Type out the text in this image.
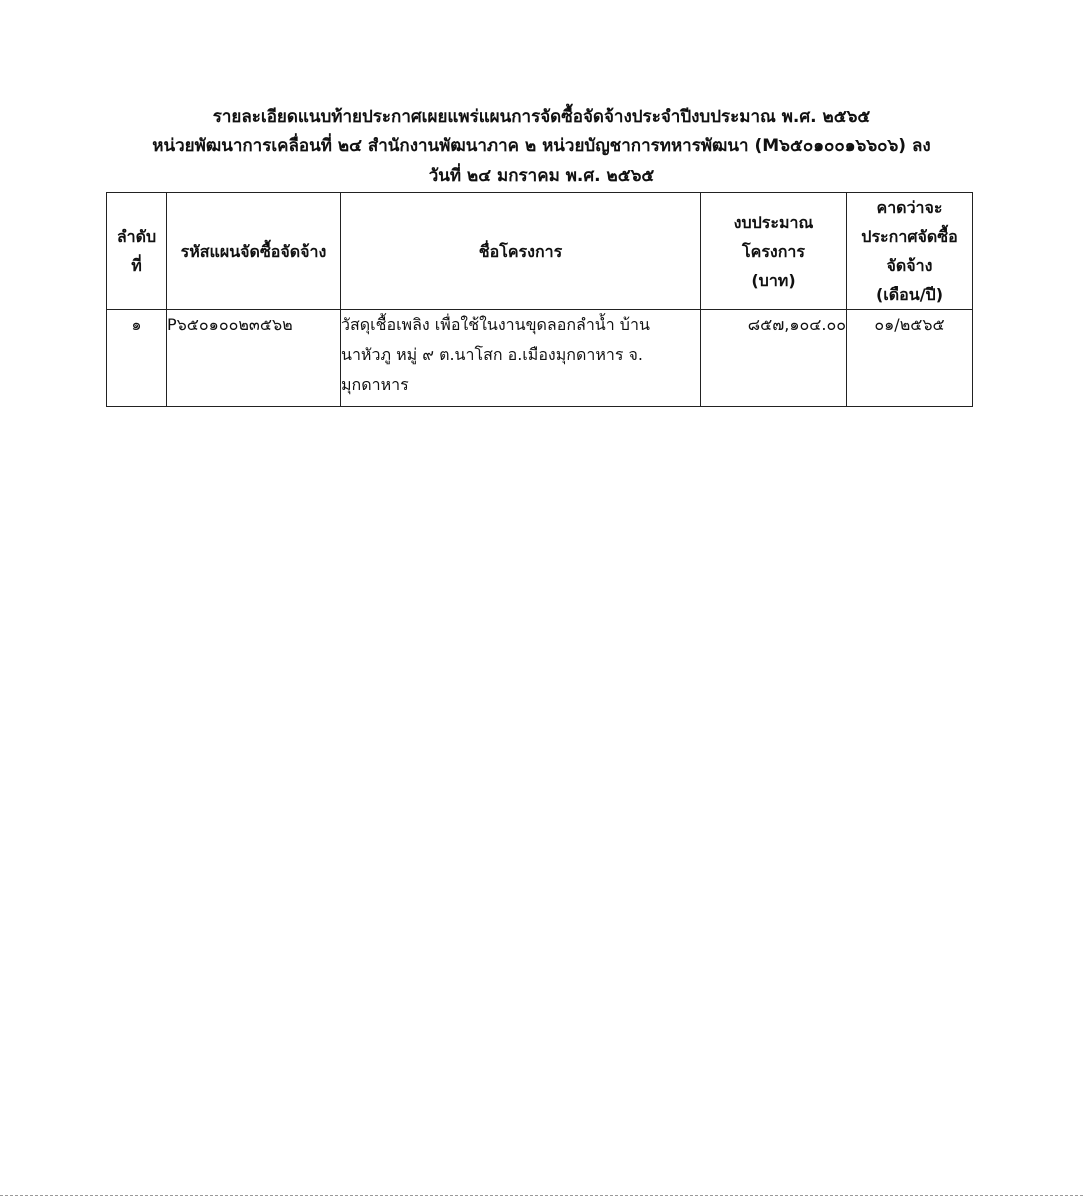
รายละเอียดแนบท้ายประกาศเผยแพร่แผนการจัดซื้อจัดจ้างประจำปีงบประมาณ พ.ศ. ๒๕๖๕
หน่วยพัฒนาการเคลื่อนที่ ๒๔ สำนักงานพัฒนาภาค ๒ หน่วยบัญชาการทหารพัฒนา (M๖๕๐๑๐๐๑๖๖๐๖) ลง
วันที่ ๒๔ มกราคม พ.ศ. ๒๕๖๕
ลำดับ
ที่	รหัสแผนจัดซื้อจัดจ้าง	ชื่อโครงการ	งบประมาณ
โครงการ
(บาท)	คาดว่าจะ
ประกาศจัดซื้อ
จัดจ้าง
(เดือน/ปี)

๑	P๖๕๐๑๐๐๒๓๕๖๒	วัสดุเชื้อเพลิง เพื่อใช้ในงานขุดลอกลำน้ำ บ้าน
นาหัวภู หมู่ ๙ ต.นาโสก อ.เมืองมุกดาหาร จ.
มุกดาหาร	๘๕๗,๑๐๔.๐๐	๐๑/๒๕๖๕
